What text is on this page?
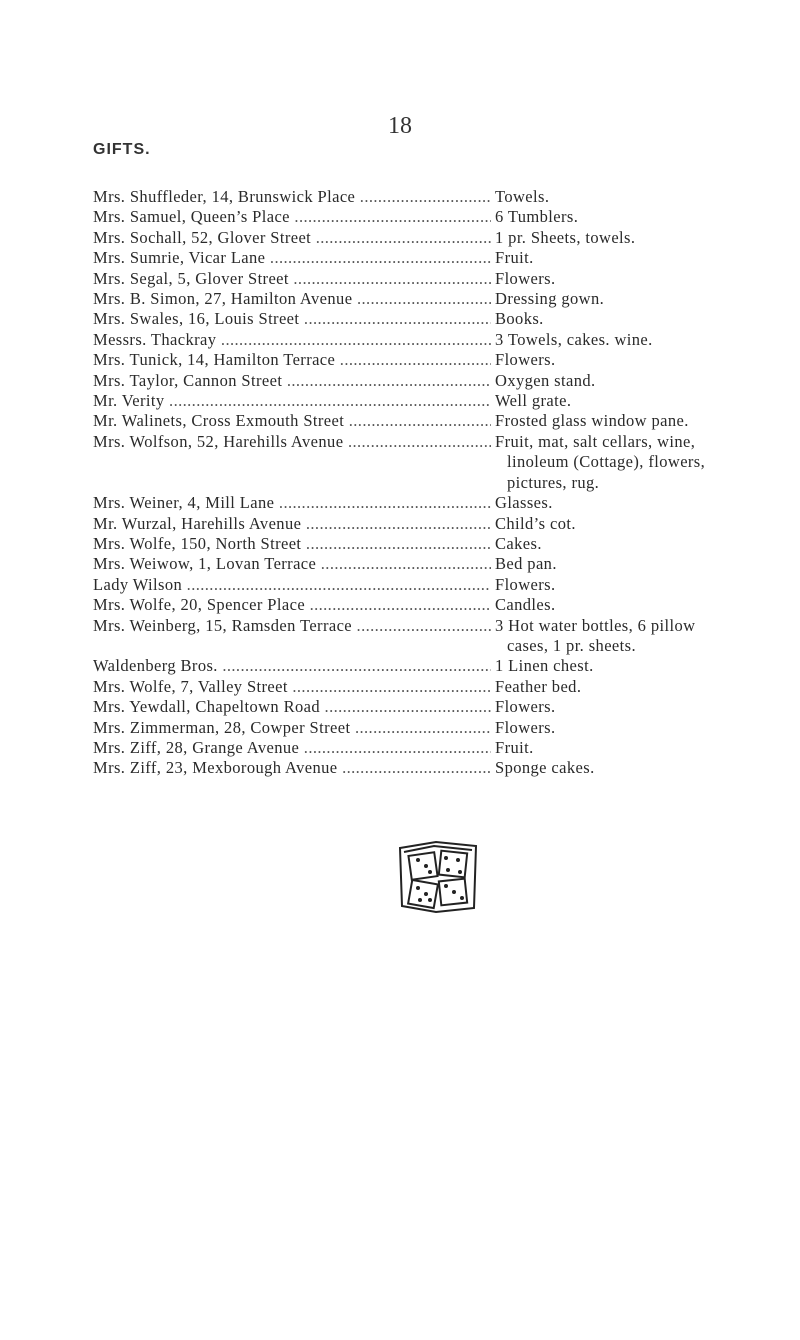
18
GIFTS.
Mrs. Shuffleder, 14, Brunswick Place .....	Towels.
Mrs. Samuel, Queen’s Place .....	6 Tumblers.
Mrs. Sochall, 52, Glover Street .....	1 pr. Sheets, towels.
Mrs. Sumrie, Vicar Lane .....	Fruit.
Mrs. Segal, 5, Glover Street .....	Flowers.
Mrs. B. Simon, 27, Hamilton Avenue .....	Dressing gown.
Mrs. Swales, 16, Louis Street .....	Books.
Messrs. Thackray .....	3 Towels, cakes. wine.
Mrs. Tunick, 14, Hamilton Terrace .....	Flowers.
Mrs. Taylor, Cannon Street .....	Oxygen stand.
Mr. Verity .....	Well grate.
Mr. Walinets, Cross Exmouth Street .....	Frosted glass window pane.
Mrs. Wolfson, 52, Harehills Avenue .....	Fruit, mat, salt cellars, wine,
linoleum (Cottage), flowers,
pictures, rug.
Mrs. Weiner, 4, Mill Lane .....	Glasses.
Mr. Wurzal, Harehills Avenue .....	Child’s cot.
Mrs. Wolfe, 150, North Street .....	Cakes.
Mrs. Weiwow, 1, Lovan Terrace .....	Bed pan.
Lady Wilson .....	Flowers.
Mrs. Wolfe, 20, Spencer Place .....	Candles.
Mrs. Weinberg, 15, Ramsden Terrace .....	3 Hot water bottles, 6 pillow
cases, 1 pr. sheets.
Waldenberg Bros. .....	1 Linen chest.
Mrs. Wolfe, 7, Valley Street .....	Feather bed.
Mrs. Yewdall, Chapeltown Road .....	Flowers.
Mrs. Zimmerman, 28, Cowper Street .....	Flowers.
Mrs. Ziff, 28, Grange Avenue .....	Fruit.
Mrs. Ziff, 23, Mexborough Avenue .....	Sponge cakes.
